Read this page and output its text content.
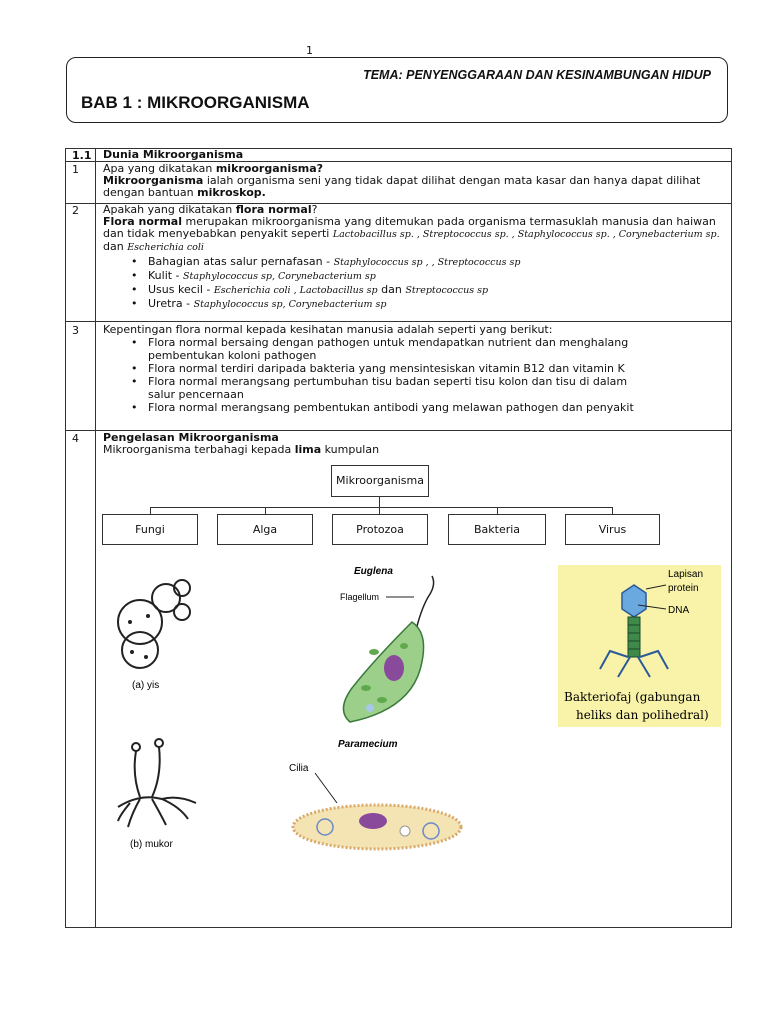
1
TEMA: PENYENGGARAAN DAN KESINAMBUNGAN HIDUP
BAB 1 : MIKROORGANISMA
1.1 Dunia Mikroorganisma
1 Apa yang dikatakan mikroorganisma?
Mikroorganisma ialah organisma seni yang tidak dapat dilihat dengan mata kasar dan hanya dapat dilihat dengan bantuan mikroskop.
2 Apakah yang dikatakan flora normal?
Flora normal merupakan mikroorganisma yang ditemukan pada organisma termasuklah manusia dan haiwan dan tidak menyebabkan penyakit seperti Lactobacillus sp. , Streptococcus sp. , Staphylococcus sp. , Corynebacterium sp. dan Escherichia coli
• Bahagian atas salur pernafasan - Staphylococcus sp , , Streptococcus sp
• Kulit - Staphylococcus sp, Corynebacterium sp
• Usus kecil - Escherichia coli , Lactobacillus sp dan Streptococcus sp
• Uretra - Staphylococcus sp, Corynebacterium sp
3 Kepentingan flora normal kepada kesihatan manusia adalah seperti yang berikut:
• Flora normal bersaing dengan pathogen untuk mendapatkan nutrient dan menghalang pembentukan koloni pathogen
• Flora normal terdiri daripada bakteria yang mensintesiskan vitamin B12 dan vitamin K
• Flora normal merangsang pertumbuhan tisu badan seperti tisu kolon dan tisu di dalam salur pencernaan
• Flora normal merangsang pembentukan antibodi yang melawan pathogen dan penyakit
4 Pengelasan Mikroorganisma
Mikroorganisma terbahagi kepada lima kumpulan
Mikroorganisma
Fungi	Alga	Protozoa	Bakteria	Virus
(a) yis
(b) mukor
Euglena
Flagellum
Paramecium
Cilia
Lapisan
protein
DNA
Bakteriofaj (gabungan
heliks dan polihedral)
